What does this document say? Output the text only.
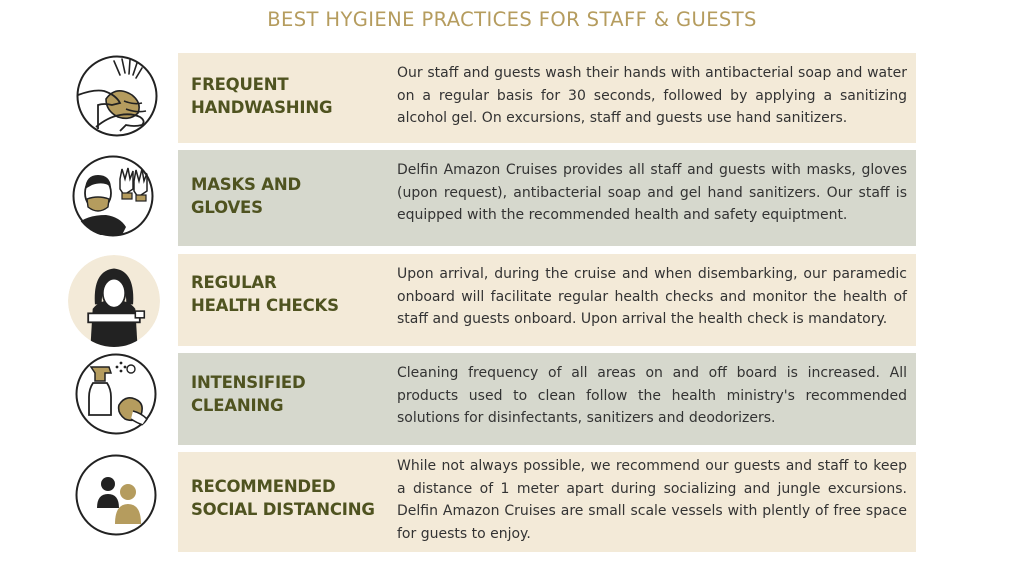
BEST HYGIENE PRACTICES FOR STAFF & GUESTS
FREQUENT
HANDWASHING
Our staff and guests wash their hands with antibacterial soap and water on a regular basis for 30 seconds, followed by applying a sanitizing alcohol gel. On excursions, staff and guests use hand sanitizers.
MASKS AND
GLOVES
Delfin Amazon Cruises provides all staff and guests with masks, gloves (upon request), antibacterial soap and gel hand sanitizers. Our staff is equipped with the recommended health and safety equiptment.
REGULAR
HEALTH CHECKS
Upon arrival, during the cruise and when disembarking, our paramedic onboard will facilitate regular health checks and monitor the health of staff and guests onboard. Upon arrival the health check is mandatory.
INTENSIFIED
CLEANING
Cleaning frequency of all areas on and off board is increased. All products used to clean follow the health ministry's recommended solutions for disinfectants, sanitizers and deodorizers.
RECOMMENDED
SOCIAL DISTANCING
While not always possible, we recommend our guests and staff to keep a distance of 1 meter apart during socializing and jungle excursions. Delfin Amazon Cruises are small scale vessels with plently of free space for guests to enjoy.
